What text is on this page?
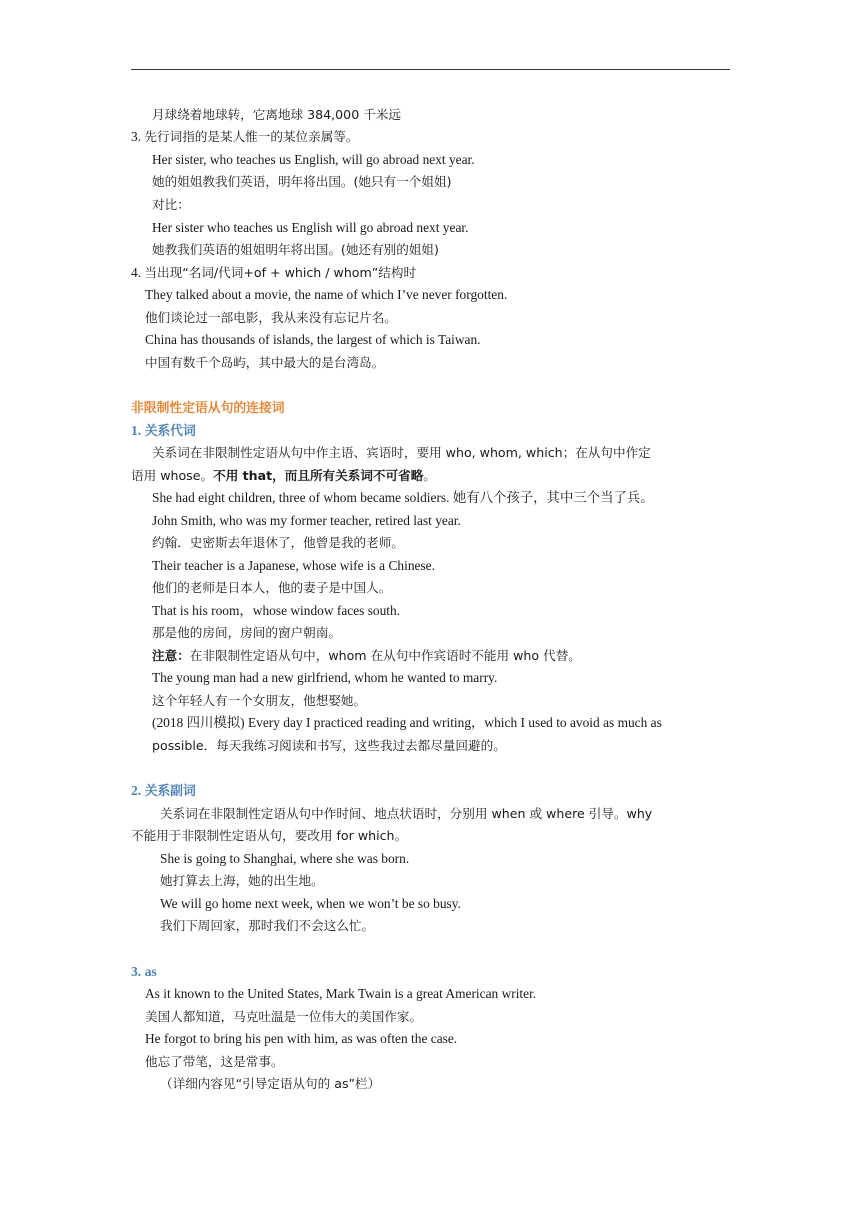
月球绕着地球转，它离地球 384,000 千米远
3. 先行词指的是某人惟一的某位亲属等。
Her sister, who teaches us English, will go abroad next year.
她的姐姐教我们英语，明年将出国。(她只有一个姐姐)
对比：
Her sister who teaches us English will go abroad next year.
她教我们英语的姐姐明年将出国。(她还有别的姐姐)
4. 当出现“名词/代词+of + which / whom”结构时
They talked about a movie, the name of which I’ve never forgotten.
他们谈论过一部电影，我从来没有忘记片名。
China has thousands of islands, the largest of which is Taiwan.
中国有数千个岛屿，其中最大的是台湾岛。
非限制性定语从句的连接词
1. 关系代词
关系词在非限制性定语从句中作主语、宾语时，要用 who, whom, which；在从句中作定
语用 whose。不用 that，而且所有关系词不可省略。
She had eight children, three of whom became soldiers. 她有八个孩子，其中三个当了兵。
John Smith, who was my former teacher, retired last year.
约翰．史密斯去年退休了，他曾是我的老师。
Their teacher is a Japanese, whose wife is a Chinese.
他们的老师是日本人，他的妻子是中国人。
That is his room，whose window faces south.
那是他的房间，房间的窗户朝南。
注意：在非限制性定语从句中，whom 在从句中作宾语时不能用 who 代替。
The young man had a new girlfriend, whom he wanted to marry.
这个年轻人有一个女朋友，他想娶她。
(2018 四川模拟) Every day I practiced reading and writing，which I used to avoid as much as
possible．每天我练习阅读和书写，这些我过去都尽量回避的。
2. 关系副词
关系词在非限制性定语从句中作时间、地点状语时，分别用 when 或 where 引导。why
不能用于非限制性定语从句，要改用 for which。
She is going to Shanghai, where she was born.
她打算去上海，她的出生地。
We will go home next week, when we won’t be so busy.
我们下周回家，那时我们不会这么忙。
3. as
As it known to the United States, Mark Twain is a great American writer.
美国人都知道，马克吐温是一位伟大的美国作家。
He forgot to bring his pen with him, as was often the case.
他忘了带笔，这是常事。
（详细内容见“引导定语从句的 as”栏）
